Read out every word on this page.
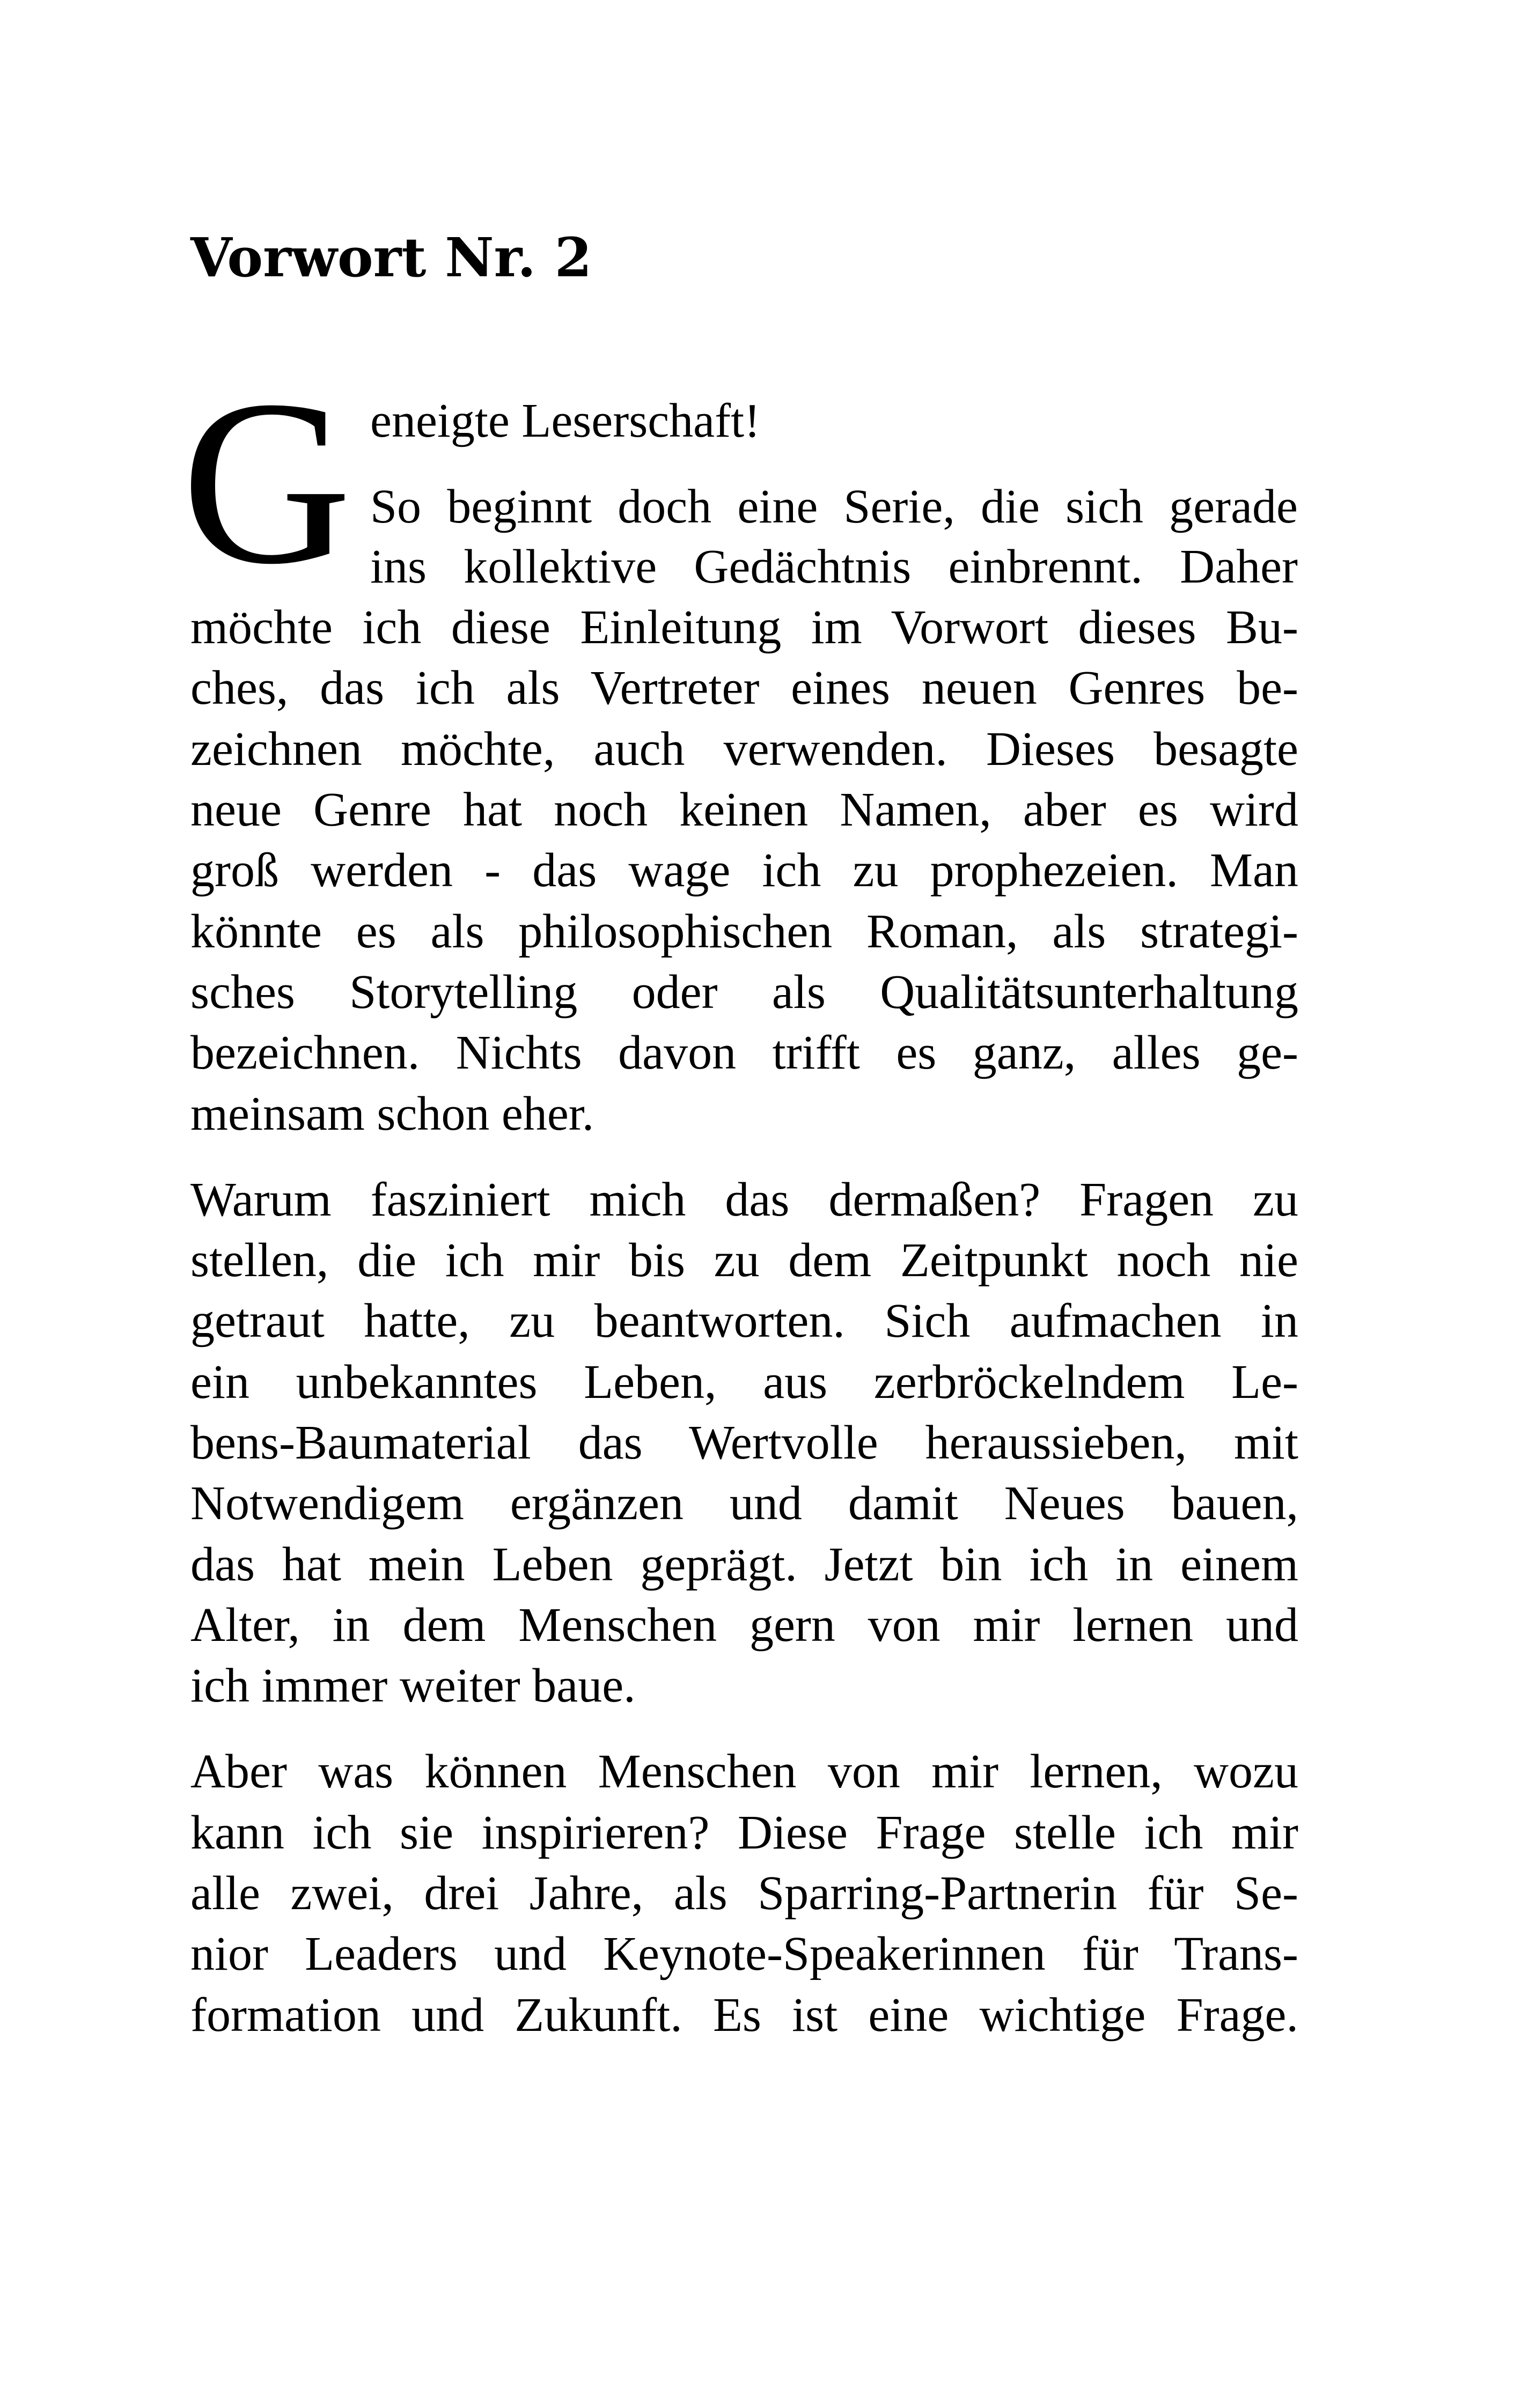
Vorwort Nr. 2
G eneigte Leserschaft!
So beginnt doch eine Serie, die sich gerade
ins kollektive Gedächtnis einbrennt. Daher
möchte ich diese Einleitung im Vorwort dieses Bu-
ches, das ich als Vertreter eines neuen Genres be-
zeichnen möchte, auch verwenden. Dieses besagte
neue Genre hat noch keinen Namen, aber es wird
groß werden - das wage ich zu prophezeien. Man
könnte es als philosophischen Roman, als strategi-
sches Storytelling oder als Qualitätsunterhaltung
bezeichnen. Nichts davon trifft es ganz, alles ge-
meinsam schon eher.
Warum fasziniert mich das dermaßen? Fragen zu
stellen, die ich mir bis zu dem Zeitpunkt noch nie
getraut hatte, zu beantworten. Sich aufmachen in
ein unbekanntes Leben, aus zerbröckelndem Le-
bens-Baumaterial das Wertvolle heraussieben, mit
Notwendigem ergänzen und damit Neues bauen,
das hat mein Leben geprägt. Jetzt bin ich in einem
Alter, in dem Menschen gern von mir lernen und
ich immer weiter baue.
Aber was können Menschen von mir lernen, wozu
kann ich sie inspirieren? Diese Frage stelle ich mir
alle zwei, drei Jahre, als Sparring-Partnerin für Se-
nior Leaders und Keynote-Speakerinnen für Trans-
formation und Zukunft. Es ist eine wichtige Frage.
